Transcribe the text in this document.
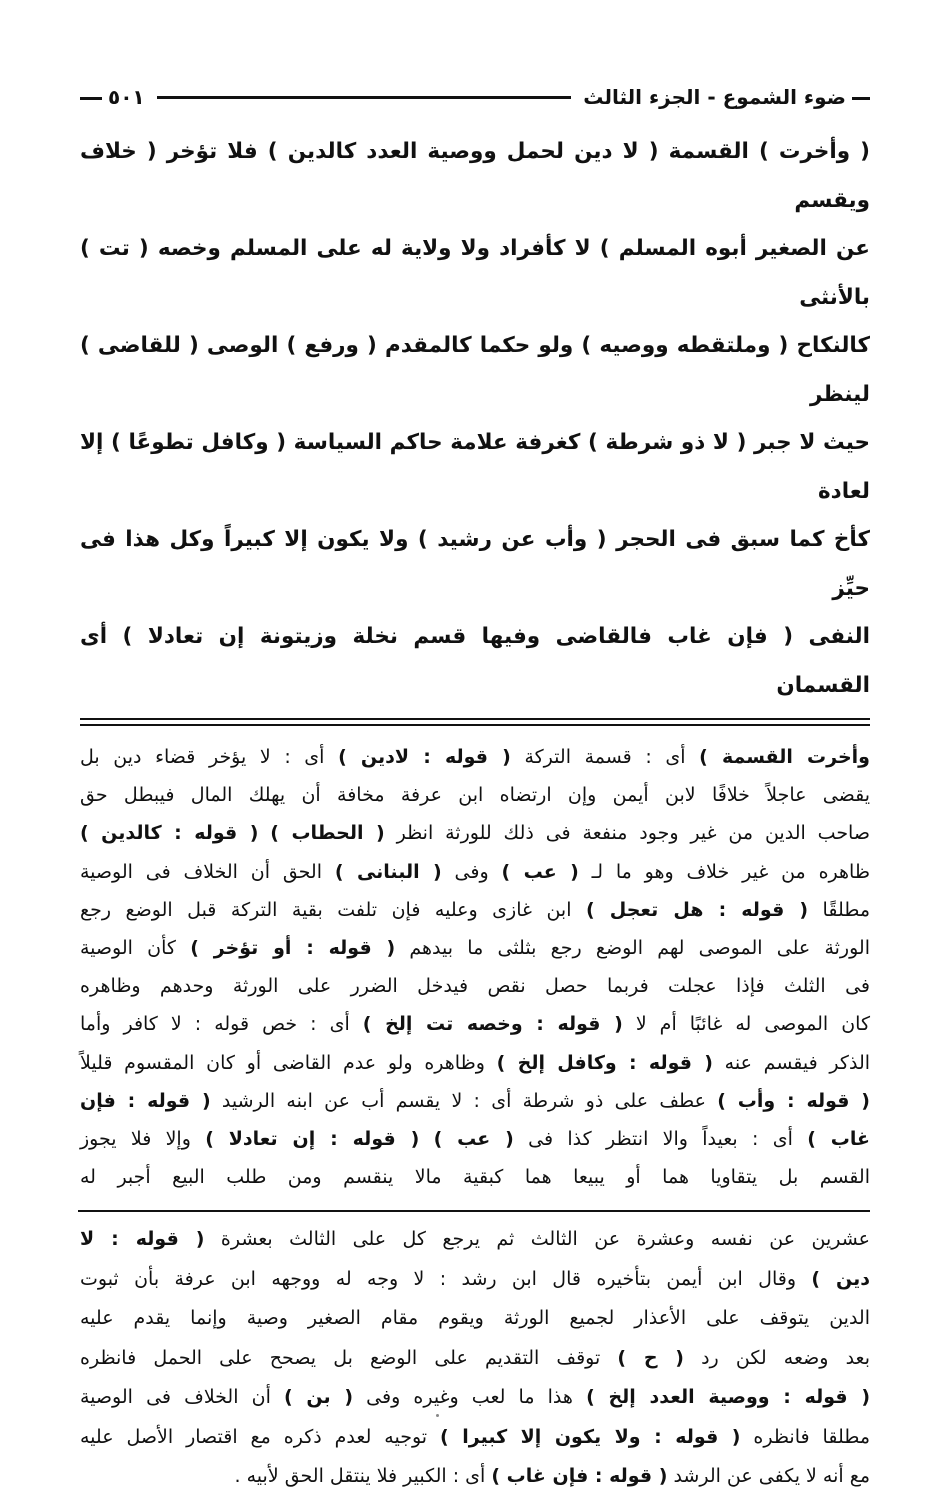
ضوء الشموع - الجزء الثالث
٥٠١

( وأخرت ) القسمة ( لا دين لحمل ووصية العدد كالدين ) فلا تؤخر ( خلاف ويقسم

عن الصغير أبوه المسلم ) لا كأفراد ولا ولاية له على المسلم وخصه ( تت ) بالأنثى

كالنكاح ( وملتقطه ووصيه ) ولو حكما كالمقدم ( ورفع ) الوصى ( للقاضى ) لينظر

حيث لا جبر ( لا ذو شرطة ) كغرفة علامة حاكم السياسة ( وكافل تطوعًا ) إلا لعادة

كأخ كما سبق فى الحجر ( وأب عن رشيد ) ولا يكون إلا كبيراً وكل هذا فى حيِّز

النفى ( فإن غاب فالقاضى وفيها قسم نخلة وزيتونة إن تعادلا ) أى القسمان

وأخرت القسمة ) أى : قسمة التركة ( قوله : لادين ) أى : لا يؤخر قضاء دين بل
يقضى عاجلاً خلافًا لابن أيمن وإن ارتضاه ابن عرفة مخافة أن يهلك المال فيبطل حق
صاحب الدين من غير وجود منفعة فى ذلك للورثة انظر ( الحطاب ) ( قوله : كالدين )
ظاهره من غير خلاف وهو ما لـ ( عب ) وفى ( البنانى ) الحق أن الخلاف فى الوصية
مطلقًا ( قوله : هل تعجل ) ابن غازى وعليه فإن تلفت بقية التركة قبل الوضع رجع
الورثة على الموصى لهم الوضع رجع بثلثى ما بيدهم ( قوله : أو تؤخر ) كأن الوصية
فى الثلث فإذا عجلت فربما حصل نقص فيدخل الضرر على الورثة وحدهم وظاهره
كان الموصى له غائبًا أم لا ( قوله : وخصه تت إلخ ) أى : خص قوله : لا كافر وأما
الذكر فيقسم عنه ( قوله : وكافل إلخ ) وظاهره ولو عدم القاضى أو كان المقسوم قليلاً
( قوله : وأب ) عطف على ذو شرطة أى : لا يقسم أب عن ابنه الرشيد ( قوله : فإن
غاب ) أى : بعيداً والا انتظر كذا فى ( عب ) ( قوله : إن تعادلا ) وإلا فلا يجوز
القسم بل يتقاويا هما أو يبيعا هما كبقية مالا ينقسم ومن طلب البيع أجبر له
عشرين عن نفسه وعشرة عن الثالث ثم يرجع كل على الثالث بعشرة ( قوله : لا
دين ) وقال ابن أيمن بتأخيره قال ابن رشد : لا وجه له ووجهه ابن عرفة بأن ثبوت
الدين يتوقف على الأعذار لجميع الورثة ويقوم مقام الصغير وصية وإنما يقدم عليه
بعد وضعه لكن رد ( ح ) توقف التقديم على الوضع بل يصحح على الحمل فانظره
( قوله : ووصية العدد إلخ ) هذا ما لعب وغيره وفى ( بن ) أن الخلاف فى الوصية
مطلقا فانظره ( قوله : ولا يكون إلا كبيرا ) توجيه لعدم ذكره مع اقتصار الأصل عليه
مع أنه لا يكفى عن الرشد ( قوله : فإن غاب ) أى : الكبير فلا ينتقل الحق لأبيه .
